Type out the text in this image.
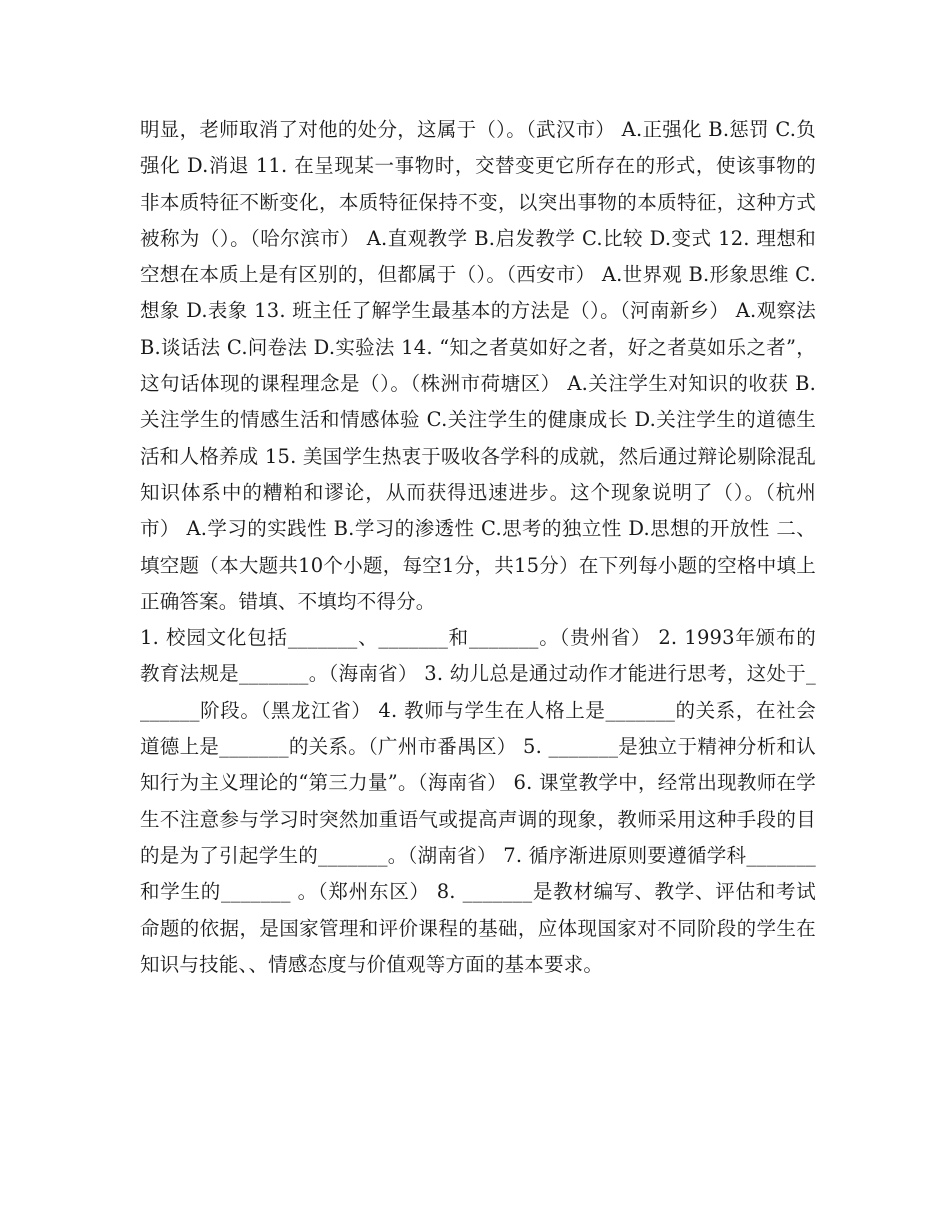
明显，老师取消了对他的处分，这属于（）。（武汉市） A.正强化 B.惩罚 C.负强化 D.消退 11. 在呈现某一事物时，交替变更它所存在的形式，使该事物的非本质特征不断变化，本质特征保持不变，以突出事物的本质特征，这种方式被称为（）。（哈尔滨市） A.直观教学 B.启发教学 C.比较 D.变式 12. 理想和空想在本质上是有区别的，但都属于（）。（西安市） A.世界观 B.形象思维 C.想象 D.表象 13. 班主任了解学生最基本的方法是（）。（河南新乡） A.观察法 B.谈话法 C.问卷法 D.实验法 14. “知之者莫如好之者，好之者莫如乐之者”，这句话体现的课程理念是（）。（株洲市荷塘区） A.关注学生对知识的收获 B.关注学生的情感生活和情感体验 C.关注学生的健康成长 D.关注学生的道德生活和人格养成 15. 美国学生热衷于吸收各学科的成就，然后通过辩论剔除混乱知识体系中的糟粕和谬论，从而获得迅速进步。这个现象说明了（）。（杭州市） A.学习的实践性 B.学习的渗透性 C.思考的独立性 D.思想的开放性 二、填空题（本大题共10个小题，每空1分，共15分）在下列每小题的空格中填上正确答案。错填、不填均不得分。

1. 校园文化包括_______、_______和_______。（贵州省） 2. 1993年颁布的教育法规是_______。（海南省） 3. 幼儿总是通过动作才能进行思考，这处于_______阶段。（黑龙江省） 4. 教师与学生在人格上是_______的关系，在社会道德上是_______的关系。（广州市番禺区） 5. _______是独立于精神分析和认知行为主义理论的“第三力量”。（海南省） 6. 课堂教学中，经常出现教师在学生不注意参与学习时突然加重语气或提高声调的现象，教师采用这种手段的目的是为了引起学生的_______。（湖南省） 7. 循序渐进原则要遵循学科_______和学生的_______ 。（郑州东区） 8. _______是教材编写、教学、评估和考试命题的依据，是国家管理和评价课程的基础，应体现国家对不同阶段的学生在知识与技能、、情感态度与价值观等方面的基本要求。
